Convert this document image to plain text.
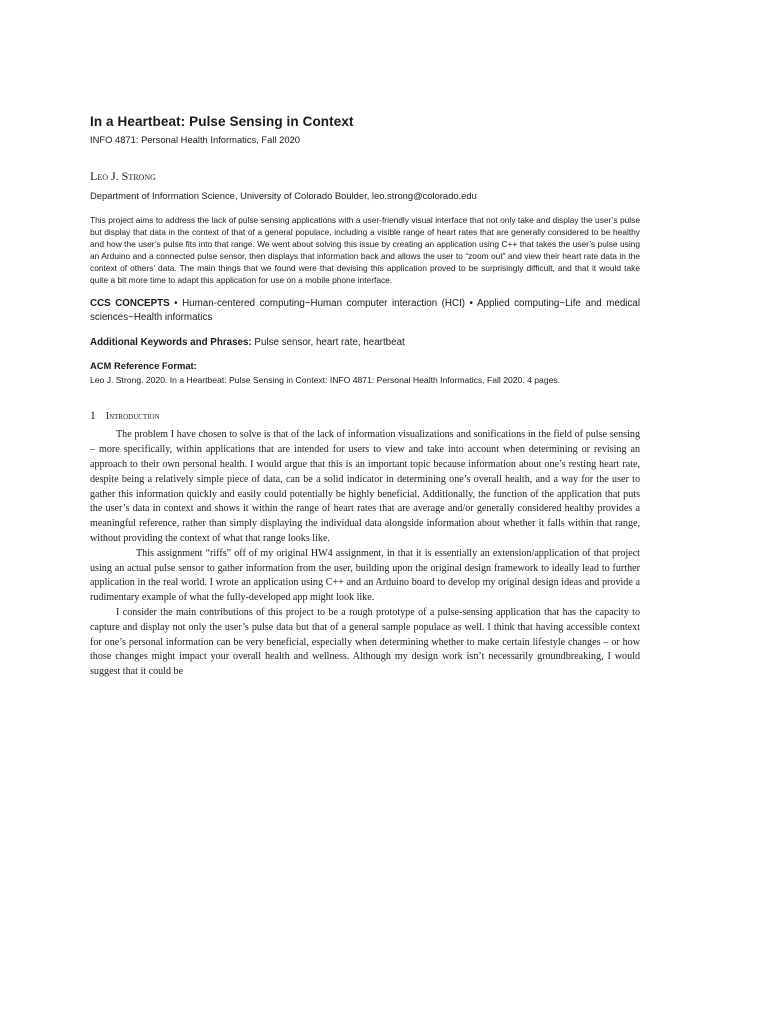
In a Heartbeat: Pulse Sensing in Context
INFO 4871: Personal Health Informatics, Fall 2020
Leo J. Strong
Department of Information Science, University of Colorado Boulder, leo.strong@colorado.edu
This project aims to address the lack of pulse sensing applications with a user-friendly visual interface that not only take and display the user’s pulse but display that data in the context of that of a general populace, including a visible range of heart rates that are generally considered to be healthy and how the user’s pulse fits into that range. We went about solving this issue by creating an application using C++ that takes the user’s pulse using an Arduino and a connected pulse sensor, then displays that information back and allows the user to “zoom out” and view their heart rate data in the context of others’ data. The main things that we found were that devising this application proved to be surprisingly difficult, and that it would take quite a bit more time to adapt this application for use on a mobile phone interface.
CCS CONCEPTS • Human-centered computing~Human computer interaction (HCI) • Applied computing~Life and medical sciences~Health informatics
Additional Keywords and Phrases: Pulse sensor, heart rate, heartbeat
ACM Reference Format:
Leo J. Strong. 2020. In a Heartbeat: Pulse Sensing in Context: INFO 4871: Personal Health Informatics, Fall 2020. 4 pages.
1 Introduction

The problem I have chosen to solve is that of the lack of information visualizations and sonifications in the field of pulse sensing – more specifically, within applications that are intended for users to view and take into account when determining or revising an approach to their own personal health. I would argue that this is an important topic because information about one’s resting heart rate, despite being a relatively simple piece of data, can be a solid indicator in determining one’s overall health, and a way for the user to gather this information quickly and easily could potentially be highly beneficial. Additionally, the function of the application that puts the user’s data in context and shows it within the range of heart rates that are average and/or generally considered healthy provides a meaningful reference, rather than simply displaying the individual data alongside information about whether it falls within that range, without providing the context of what that range looks like.

This assignment “riffs” off of my original HW4 assignment, in that it is essentially an extension/application of that project using an actual pulse sensor to gather information from the user, building upon the original design framework to ideally lead to further application in the real world. I wrote an application using C++ and an Arduino board to develop my original design ideas and provide a rudimentary example of what the fully-developed app might look like.

I consider the main contributions of this project to be a rough prototype of a pulse-sensing application that has the capacity to capture and display not only the user’s pulse data but that of a general sample populace as well. I think that having accessible context for one’s personal information can be very beneficial, especially when determining whether to make certain lifestyle changes – or how those changes might impact your overall health and wellness. Although my design work isn’t necessarily groundbreaking, I would suggest that it could be
